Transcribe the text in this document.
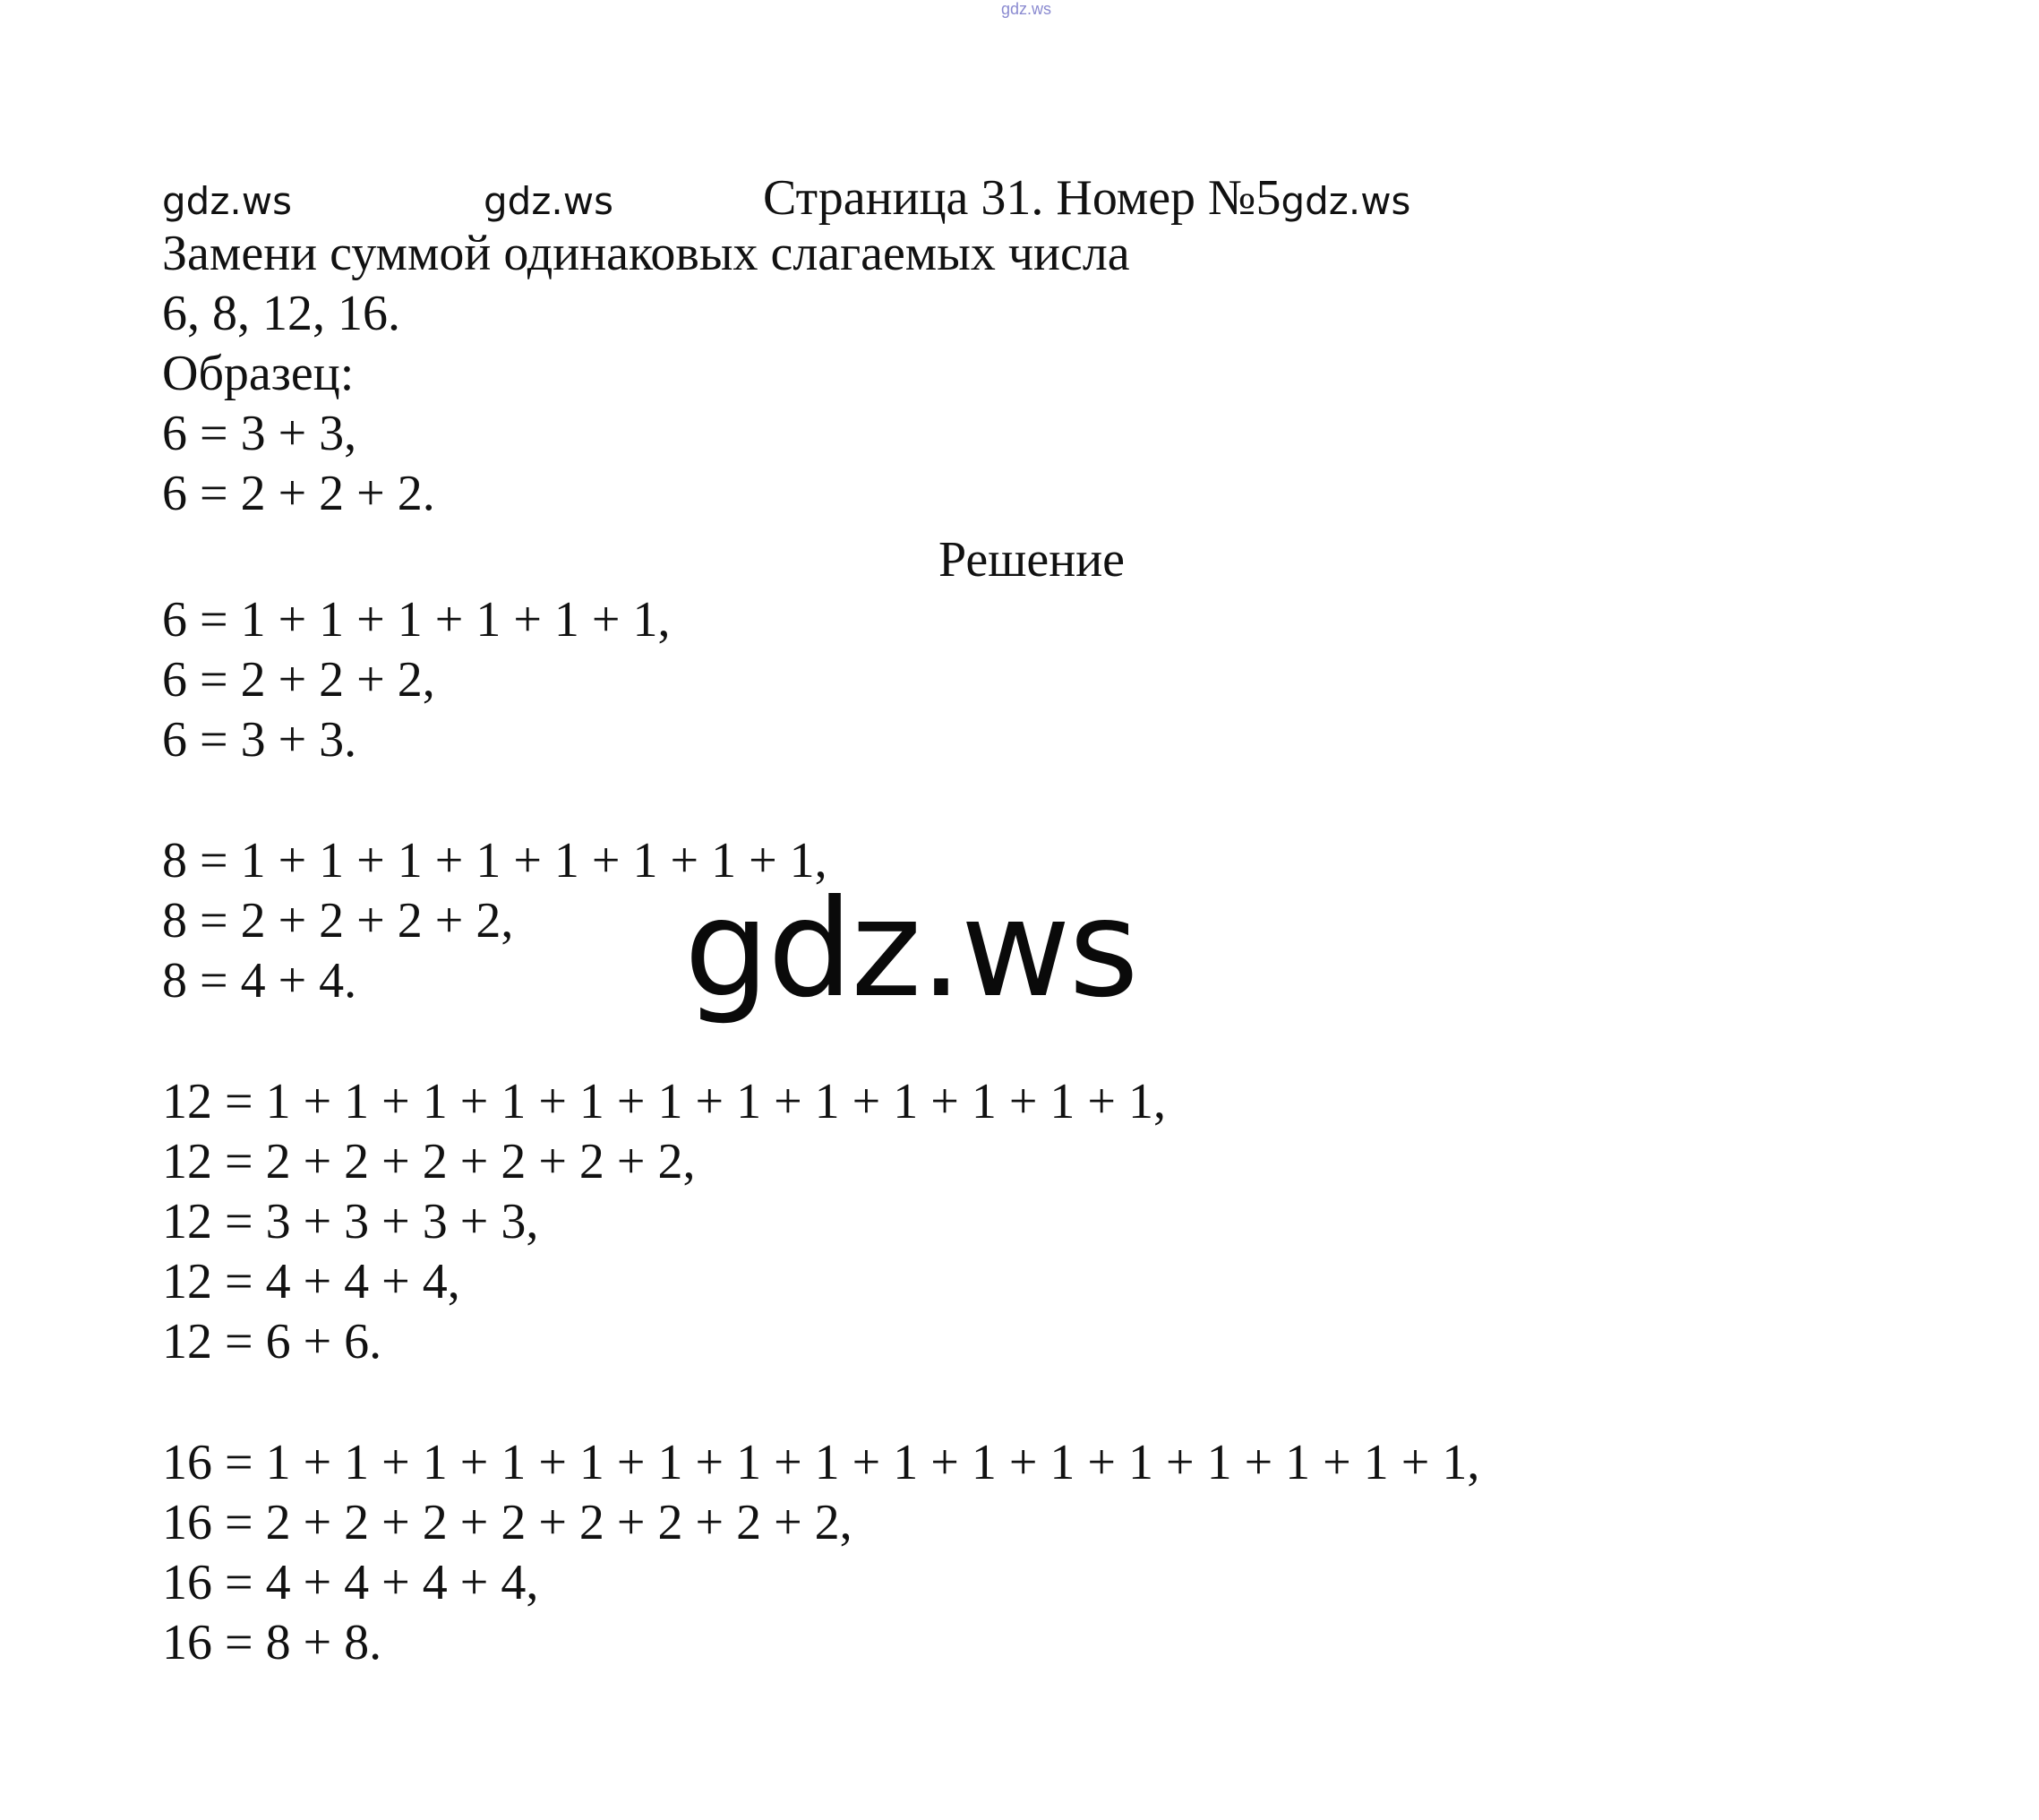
gdz.ws
gdz.ws	gdz.ws	Страница 31. Номер №5gdz.ws
Замени суммой одинаковых слагаемых числа
6, 8, 12, 16.
Образец:
6 = 3 + 3,
6 = 2 + 2 + 2.
Решение
6 = 1 + 1 + 1 + 1 + 1 + 1,
6 = 2 + 2 + 2,
6 = 3 + 3.
8 = 1 + 1 + 1 + 1 + 1 + 1 + 1 + 1,
8 = 2 + 2 + 2 + 2,
8 = 4 + 4.	gdz.ws
12 = 1 + 1 + 1 + 1 + 1 + 1 + 1 + 1 + 1 + 1 + 1 + 1,
12 = 2 + 2 + 2 + 2 + 2 + 2,
12 = 3 + 3 + 3 + 3,
12 = 4 + 4 + 4,
12 = 6 + 6.
16 = 1 + 1 + 1 + 1 + 1 + 1 + 1 + 1 + 1 + 1 + 1 + 1 + 1 + 1 + 1 + 1,
16 = 2 + 2 + 2 + 2 + 2 + 2 + 2 + 2,
16 = 4 + 4 + 4 + 4,
16 = 8 + 8.
